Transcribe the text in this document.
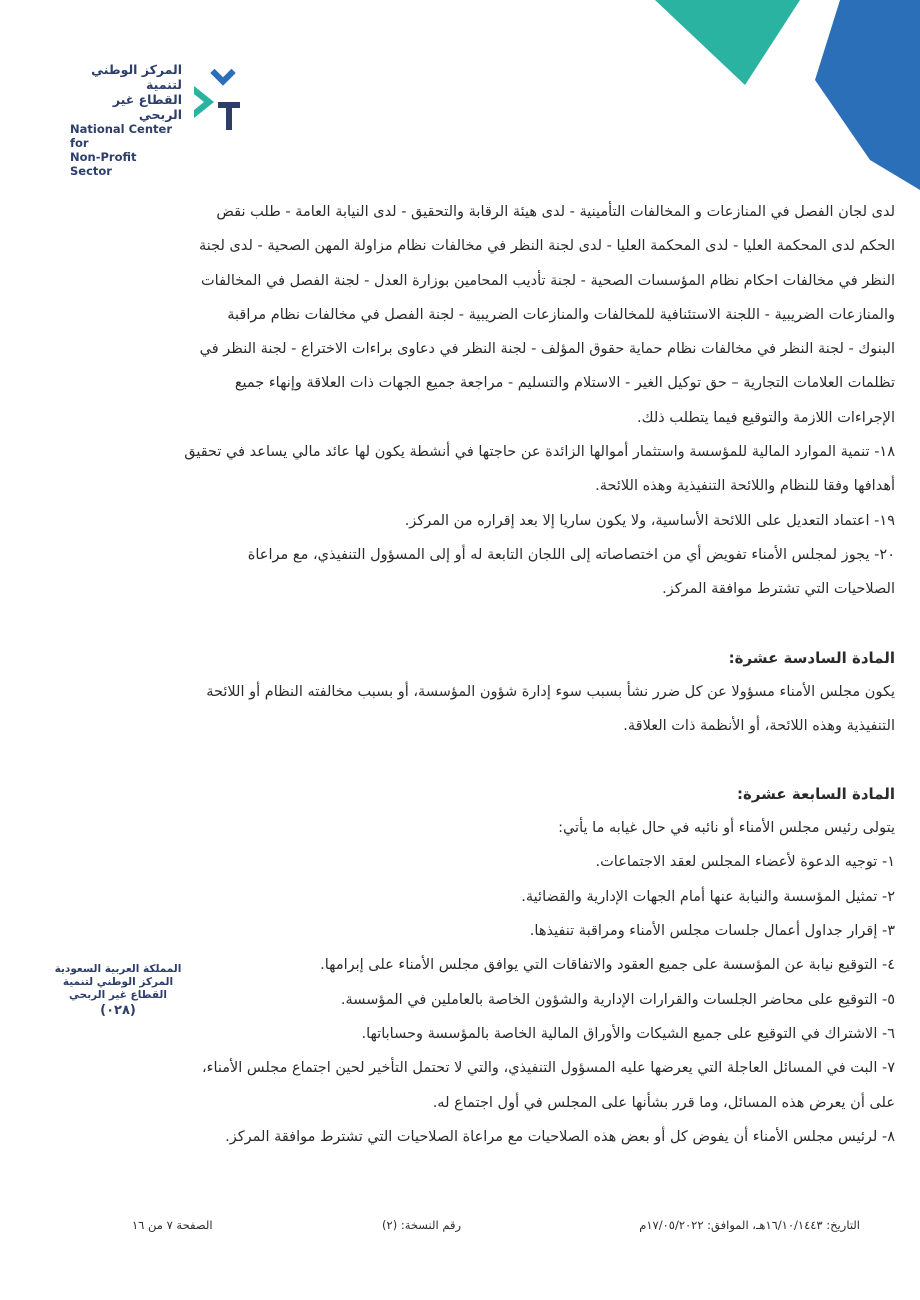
المركز الوطني لتنمية
القطاع غير الربحي
National Center for
Non-Profit Sector

لدى لجان الفصل في المنازعات و المخالفات التأمينية - لدى هيئة الرقابة والتحقيق - لدى النيابة العامة - طلب نقض

الحكم لدى المحكمة العليا - لدى المحكمة العليا - لدى لجنة النظر في مخالفات نظام مزاولة المهن الصحية - لدى لجنة

النظر في مخالفات احكام نظام المؤسسات الصحية - لجنة تأديب المحامين بوزارة العدل - لجنة الفصل في المخالفات

والمنازعات الضريبية - اللجنة الاستئنافية للمخالفات والمنازعات الضريبية - لجنة الفصل في مخالفات نظام مراقبة

البنوك - لجنة النظر في مخالفات نظام حماية حقوق المؤلف - لجنة النظر في دعاوى براءات الاختراع - لجنة النظر في

تظلمات العلامات التجارية – حق توكيل الغير - الاستلام والتسليم - مراجعة جميع الجهات ذات العلاقة وإنهاء جميع

الإجراءات اللازمة والتوقيع فيما يتطلب ذلك.

١٨- تنمية الموارد المالية للمؤسسة واستثمار أموالها الزائدة عن حاجتها في أنشطة يكون لها عائد مالي يساعد في تحقيق

أهدافها وفقا للنظام واللائحة التنفيذية وهذه اللائحة.

١٩- اعتماد التعديل على اللائحة الأساسية، ولا يكون ساريا إلا بعد إقراره من المركز.

٢٠- يجوز لمجلس الأمناء تفويض أي من اختصاصاته إلى اللجان التابعة له أو إلى المسؤول التنفيذي، مع مراعاة

الصلاحيات التي تشترط موافقة المركز.

المادة السادسة عشرة:

يكون مجلس الأمناء مسؤولا عن كل ضرر نشأ بسبب سوء إدارة شؤون المؤسسة، أو بسبب مخالفته النظام أو اللائحة

التنفيذية وهذه اللائحة، أو الأنظمة ذات العلاقة.

المادة السابعة عشرة:

يتولى رئيس مجلس الأمناء أو نائبه في حال غيابه ما يأتي:

١- توجيه الدعوة لأعضاء المجلس لعقد الاجتماعات.

٢- تمثيل المؤسسة والنيابة عنها أمام الجهات الإدارية والقضائية.

٣- إقرار جداول أعمال جلسات مجلس الأمناء ومراقبة تنفيذها.

٤- التوقيع نيابة عن المؤسسة على جميع العقود والاتفاقات التي يوافق مجلس الأمناء على إبرامها.

٥- التوقيع على محاضر الجلسات والقرارات الإدارية والشؤون الخاصة بالعاملين في المؤسسة.

٦- الاشتراك في التوقيع على جميع الشيكات والأوراق المالية الخاصة بالمؤسسة وحساباتها.

٧- البت في المسائل العاجلة التي يعرضها عليه المسؤول التنفيذي، والتي لا تحتمل التأخير لحين اجتماع مجلس الأمناء،

على أن يعرض هذه المسائل، وما قرر بشأنها على المجلس في أول اجتماع له.

٨- لرئيس مجلس الأمناء أن يفوض كل أو بعض هذه الصلاحيات مع مراعاة الصلاحيات التي تشترط موافقة المركز.

المملكة العربية السعودية
المركز الوطني لتنمية
القطاع غير الربحي
(٠٢٨)
التاريخ: ١٦/١٠/١٤٤٣هـ، الموافق: ١٧/٠٥/٢٠٢٢م
رقم النسخة: (٢)
الصفحة ٧ من ١٦
